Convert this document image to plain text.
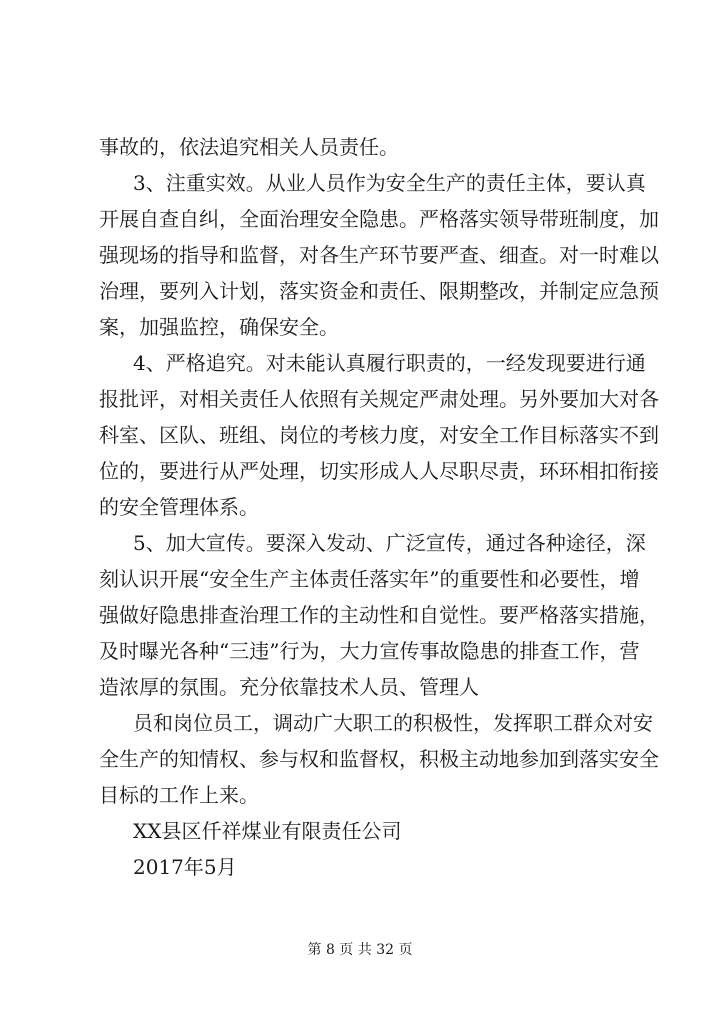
事故的，依法追究相关人员责任。
3、注重实效。从业人员作为安全生产的责任主体，要认真
开展自查自纠，全面治理安全隐患。严格落实领导带班制度，加
强现场的指导和监督，对各生产环节要严查、细查。对一时难以
治理，要列入计划，落实资金和责任、限期整改，并制定应急预
案，加强监控，确保安全。
4、严格追究。对未能认真履行职责的，一经发现要进行通
报批评，对相关责任人依照有关规定严肃处理。另外要加大对各
科室、区队、班组、岗位的考核力度，对安全工作目标落实不到
位的，要进行从严处理，切实形成人人尽职尽责，环环相扣衔接
的安全管理体系。
5、加大宣传。要深入发动、广泛宣传，通过各种途径，深
刻认识开展“安全生产主体责任落实年”的重要性和必要性，增
强做好隐患排查治理工作的主动性和自觉性。要严格落实措施，
及时曝光各种“三违”行为，大力宣传事故隐患的排查工作，营
造浓厚的氛围。充分依靠技术人员、管理人
员和岗位员工，调动广大职工的积极性，发挥职工群众对安
全生产的知情权、参与权和监督权，积极主动地参加到落实安全
目标的工作上来。
XX县区仟祥煤业有限责任公司
2017年5月
第 8 页 共 32 页
